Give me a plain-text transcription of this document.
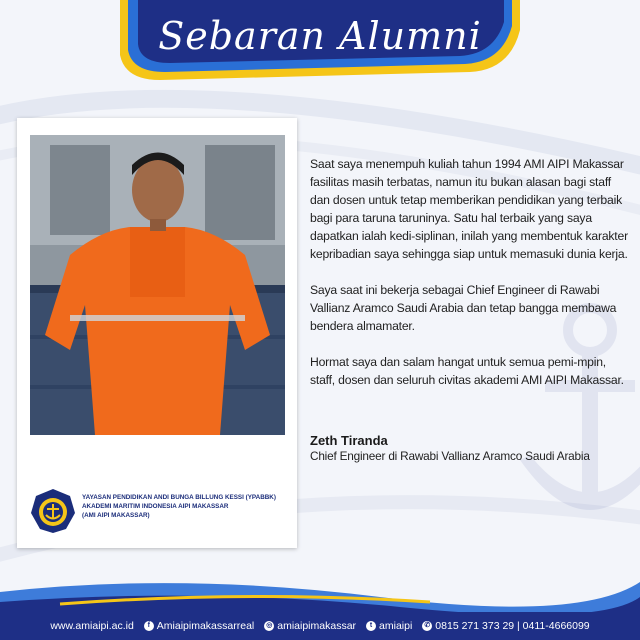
Sebaran Alumni
YAYASAN PENDIDIKAN ANDI BUNGA BILLUNG KESSI (YPABBK)
AKADEMI MARITIM INDONESIA AIPI MAKASSAR
(AMI AIPI MAKASSAR)

Saat saya menempuh kuliah tahun 1994 AMI AIPI Makassar fasilitas masih terbatas, namun itu bukan alasan bagi staff dan dosen untuk tetap memberikan pendidikan yang terbaik bagi para taruna taruninya. Satu hal terbaik yang saya dapatkan ialah kedi-siplinan, inilah yang membentuk karakter kepribadian saya sehingga siap untuk memasuki dunia kerja.

Saya saat ini bekerja sebagai Chief Engineer di Rawabi Vallianz Aramco Saudi Arabia dan tetap bangga membawa bendera almamater.

Hormat saya dan salam hangat untuk semua pemi-mpin, staff, dosen dan seluruh civitas akademi AMI AIPI Makassar.

Zeth Tiranda
Chief Engineer di Rawabi Vallianz Aramco Saudi Arabia
www.amiaipi.ac.id	f Amiaipimakassarreal ◎ amiaipimakassar	t amiaipi ✆ 0815 271 373 29 | 0411-4666099
